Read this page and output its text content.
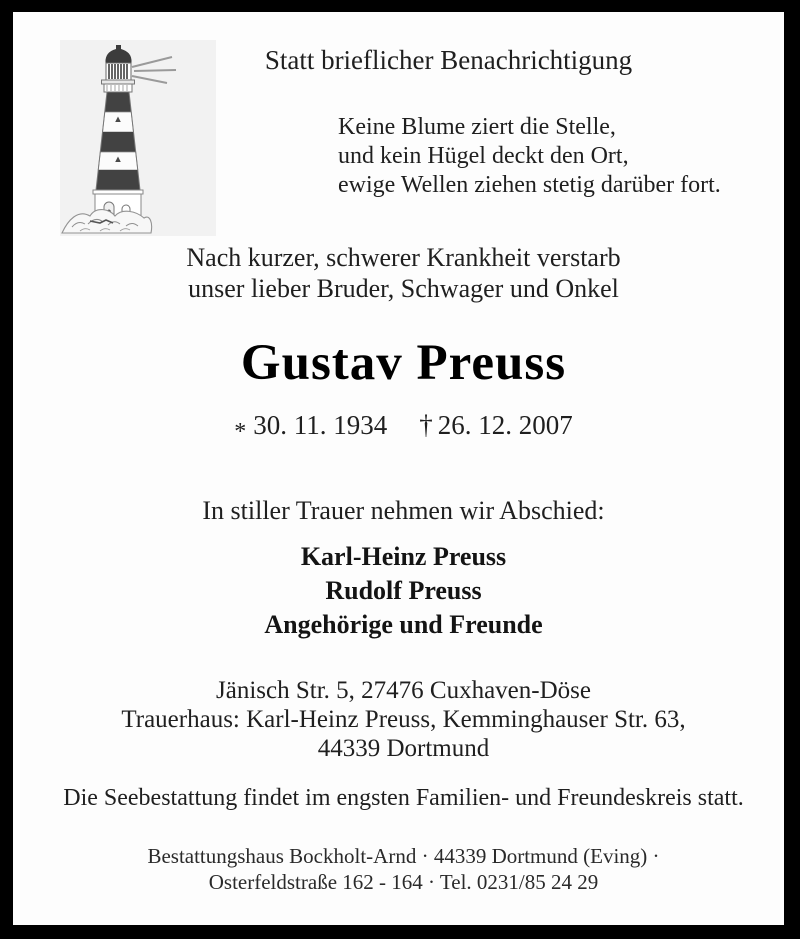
Statt brieflicher Benachrichtigung
Keine Blume ziert die Stelle,
und kein Hügel deckt den Ort,
ewige Wellen ziehen stetig darüber fort.
Nach kurzer, schwerer Krankheit verstarb
unser lieber Bruder, Schwager und Onkel
Gustav Preuss
* 30. 11. 1934 † 26. 12. 2007
In stiller Trauer nehmen wir Abschied:
Karl-Heinz Preuss
Rudolf Preuss
Angehörige und Freunde
Jänisch Str. 5, 27476 Cuxhaven-Döse
Trauerhaus: Karl-Heinz Preuss, Kemminghauser Str. 63,
44339 Dortmund
Die Seebestattung findet im engsten Familien- und Freundeskreis statt.
Bestattungshaus Bockholt-Arnd · 44339 Dortmund (Eving) ·
Osterfeldstraße 162 - 164 · Tel. 0231/85 24 29
